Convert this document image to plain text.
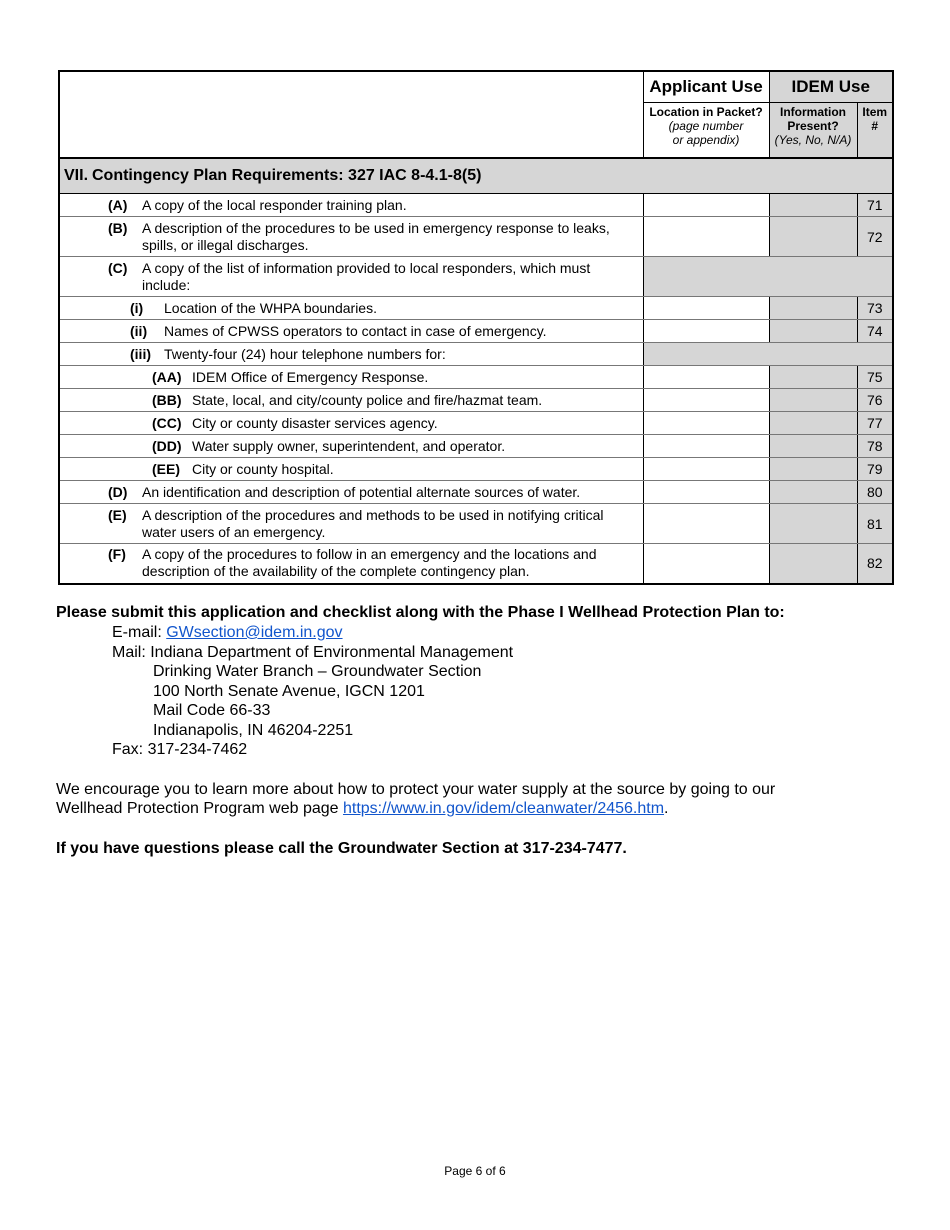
	Applicant Use	IDEM Use	

	Location in Packet?
(page number
or appendix)	Information
Present?
(Yes, No, N/A)	Item
#

VII. Contingency Plan Requirements: 327 IAC 8-4.1-8(5)			

(A) A copy of the local responder training plan.			71

(B) A description of the procedures to be used in emergency response to leaks, spills, or illegal discharges.			72

(C) A copy of the list of information provided to local responders, which must include:			

(i) Location of the WHPA boundaries.			73

(ii) Names of CPWSS operators to contact in case of emergency.			74

(iii) Twenty-four (24) hour telephone numbers for:			

(AA) IDEM Office of Emergency Response.			75

(BB) State, local, and city/county police and fire/hazmat team.			76

(CC) City or county disaster services agency.			77

(DD) Water supply owner, superintendent, and operator.			78

(EE) City or county hospital.			79

(D) An identification and description of potential alternate sources of water.			80

(E) A description of the procedures and methods to be used in notifying critical water users of an emergency.			81

(F) A copy of the procedures to follow in an emergency and the locations and description of the availability of the complete contingency plan.			82
Please submit this application and checklist along with the Phase I Wellhead Protection Plan to:
E-mail: GWsection@idem.in.gov
Mail: Indiana Department of Environmental Management
Drinking Water Branch – Groundwater Section
100 North Senate Avenue, IGCN 1201
Mail Code 66-33
Indianapolis, IN 46204-2251
Fax: 317-234-7462
We encourage you to learn more about how to protect your water supply at the source by going to our
Wellhead Protection Program web page https://www.in.gov/idem/cleanwater/2456.htm.
If you have questions please call the Groundwater Section at 317-234-7477.
Page 6 of 6
